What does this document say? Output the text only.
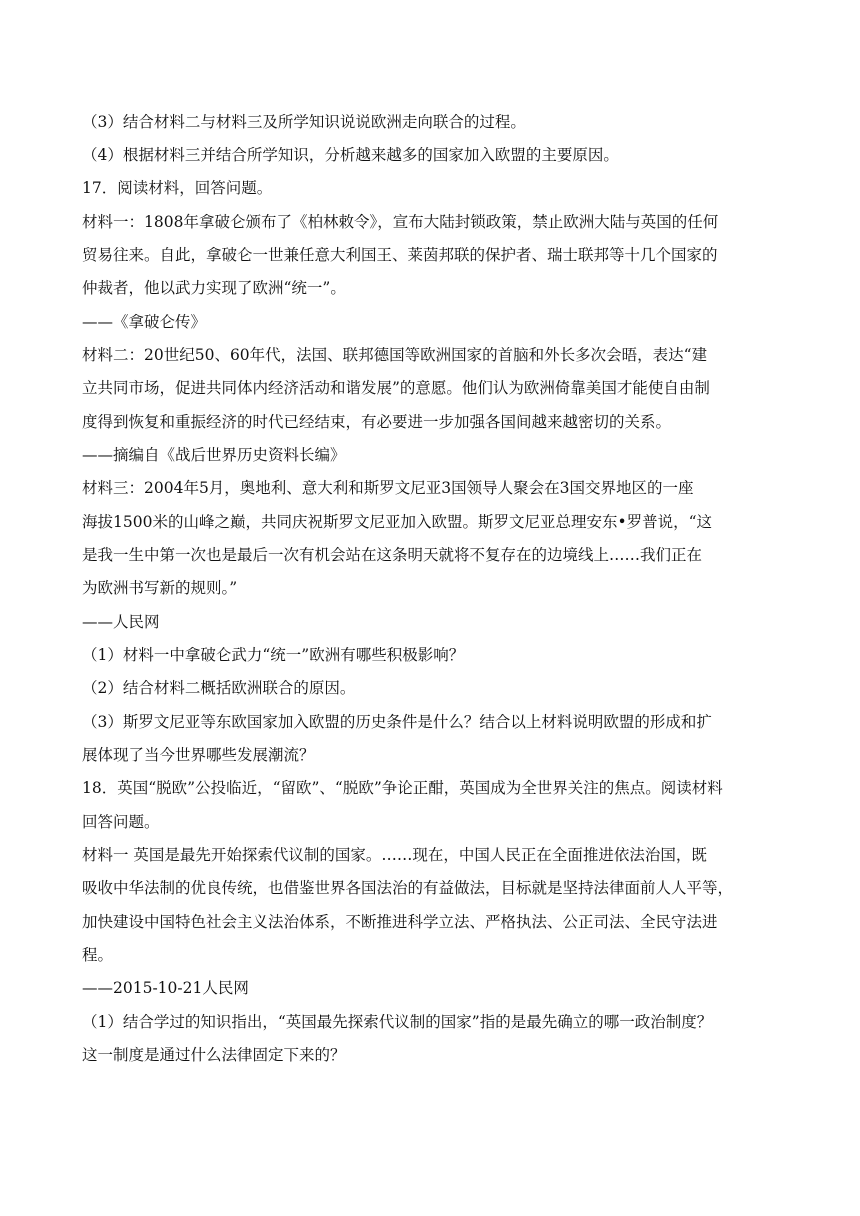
（3）结合材料二与材料三及所学知识说说欧洲走向联合的过程。
（4）根据材料三并结合所学知识，分析越来越多的国家加入欧盟的主要原因。
17．阅读材料，回答问题。
材料一：1808年拿破仑颁布了《柏林敕令》，宣布大陆封锁政策，禁止欧洲大陆与英国的任何
贸易往来。自此，拿破仑一世兼任意大利国王、莱茵邦联的保护者、瑞士联邦等十几个国家的
仲裁者，他以武力实现了欧洲“统一”。
——《拿破仑传》
材料二：20世纪50、60年代，法国、联邦德国等欧洲国家的首脑和外长多次会晤，表达“建
立共同市场，促进共同体内经济活动和谐发展”的意愿。他们认为欧洲倚靠美国才能使自由制
度得到恢复和重振经济的时代已经结束，有必要进一步加强各国间越来越密切的关系。
——摘编自《战后世界历史资料长编》
材料三：2004年5月，奥地利、意大利和斯罗文尼亚3国领导人聚会在3国交界地区的一座
海拔1500米的山峰之巅，共同庆祝斯罗文尼亚加入欧盟。斯罗文尼亚总理安东•罗普说，“这
是我一生中第一次也是最后一次有机会站在这条明天就将不复存在的边境线上……我们正在
为欧洲书写新的规则。”
——人民网
（1）材料一中拿破仑武力“统一”欧洲有哪些积极影响？
（2）结合材料二概括欧洲联合的原因。
（3）斯罗文尼亚等东欧国家加入欧盟的历史条件是什么？结合以上材料说明欧盟的形成和扩
展体现了当今世界哪些发展潮流？
18．英国“脱欧”公投临近，“留欧”、“脱欧”争论正酣，英国成为全世界关注的焦点。阅读材料
回答问题。
材料一 英国是最先开始探索代议制的国家。……现在，中国人民正在全面推进依法治国，既
吸收中华法制的优良传统，也借鉴世界各国法治的有益做法，目标就是坚持法律面前人人平等，
加快建设中国特色社会主义法治体系，不断推进科学立法、严格执法、公正司法、全民守法进
程。
——2015-10-21人民网
（1）结合学过的知识指出，“英国最先探索代议制的国家”指的是最先确立的哪一政治制度？
这一制度是通过什么法律固定下来的？
